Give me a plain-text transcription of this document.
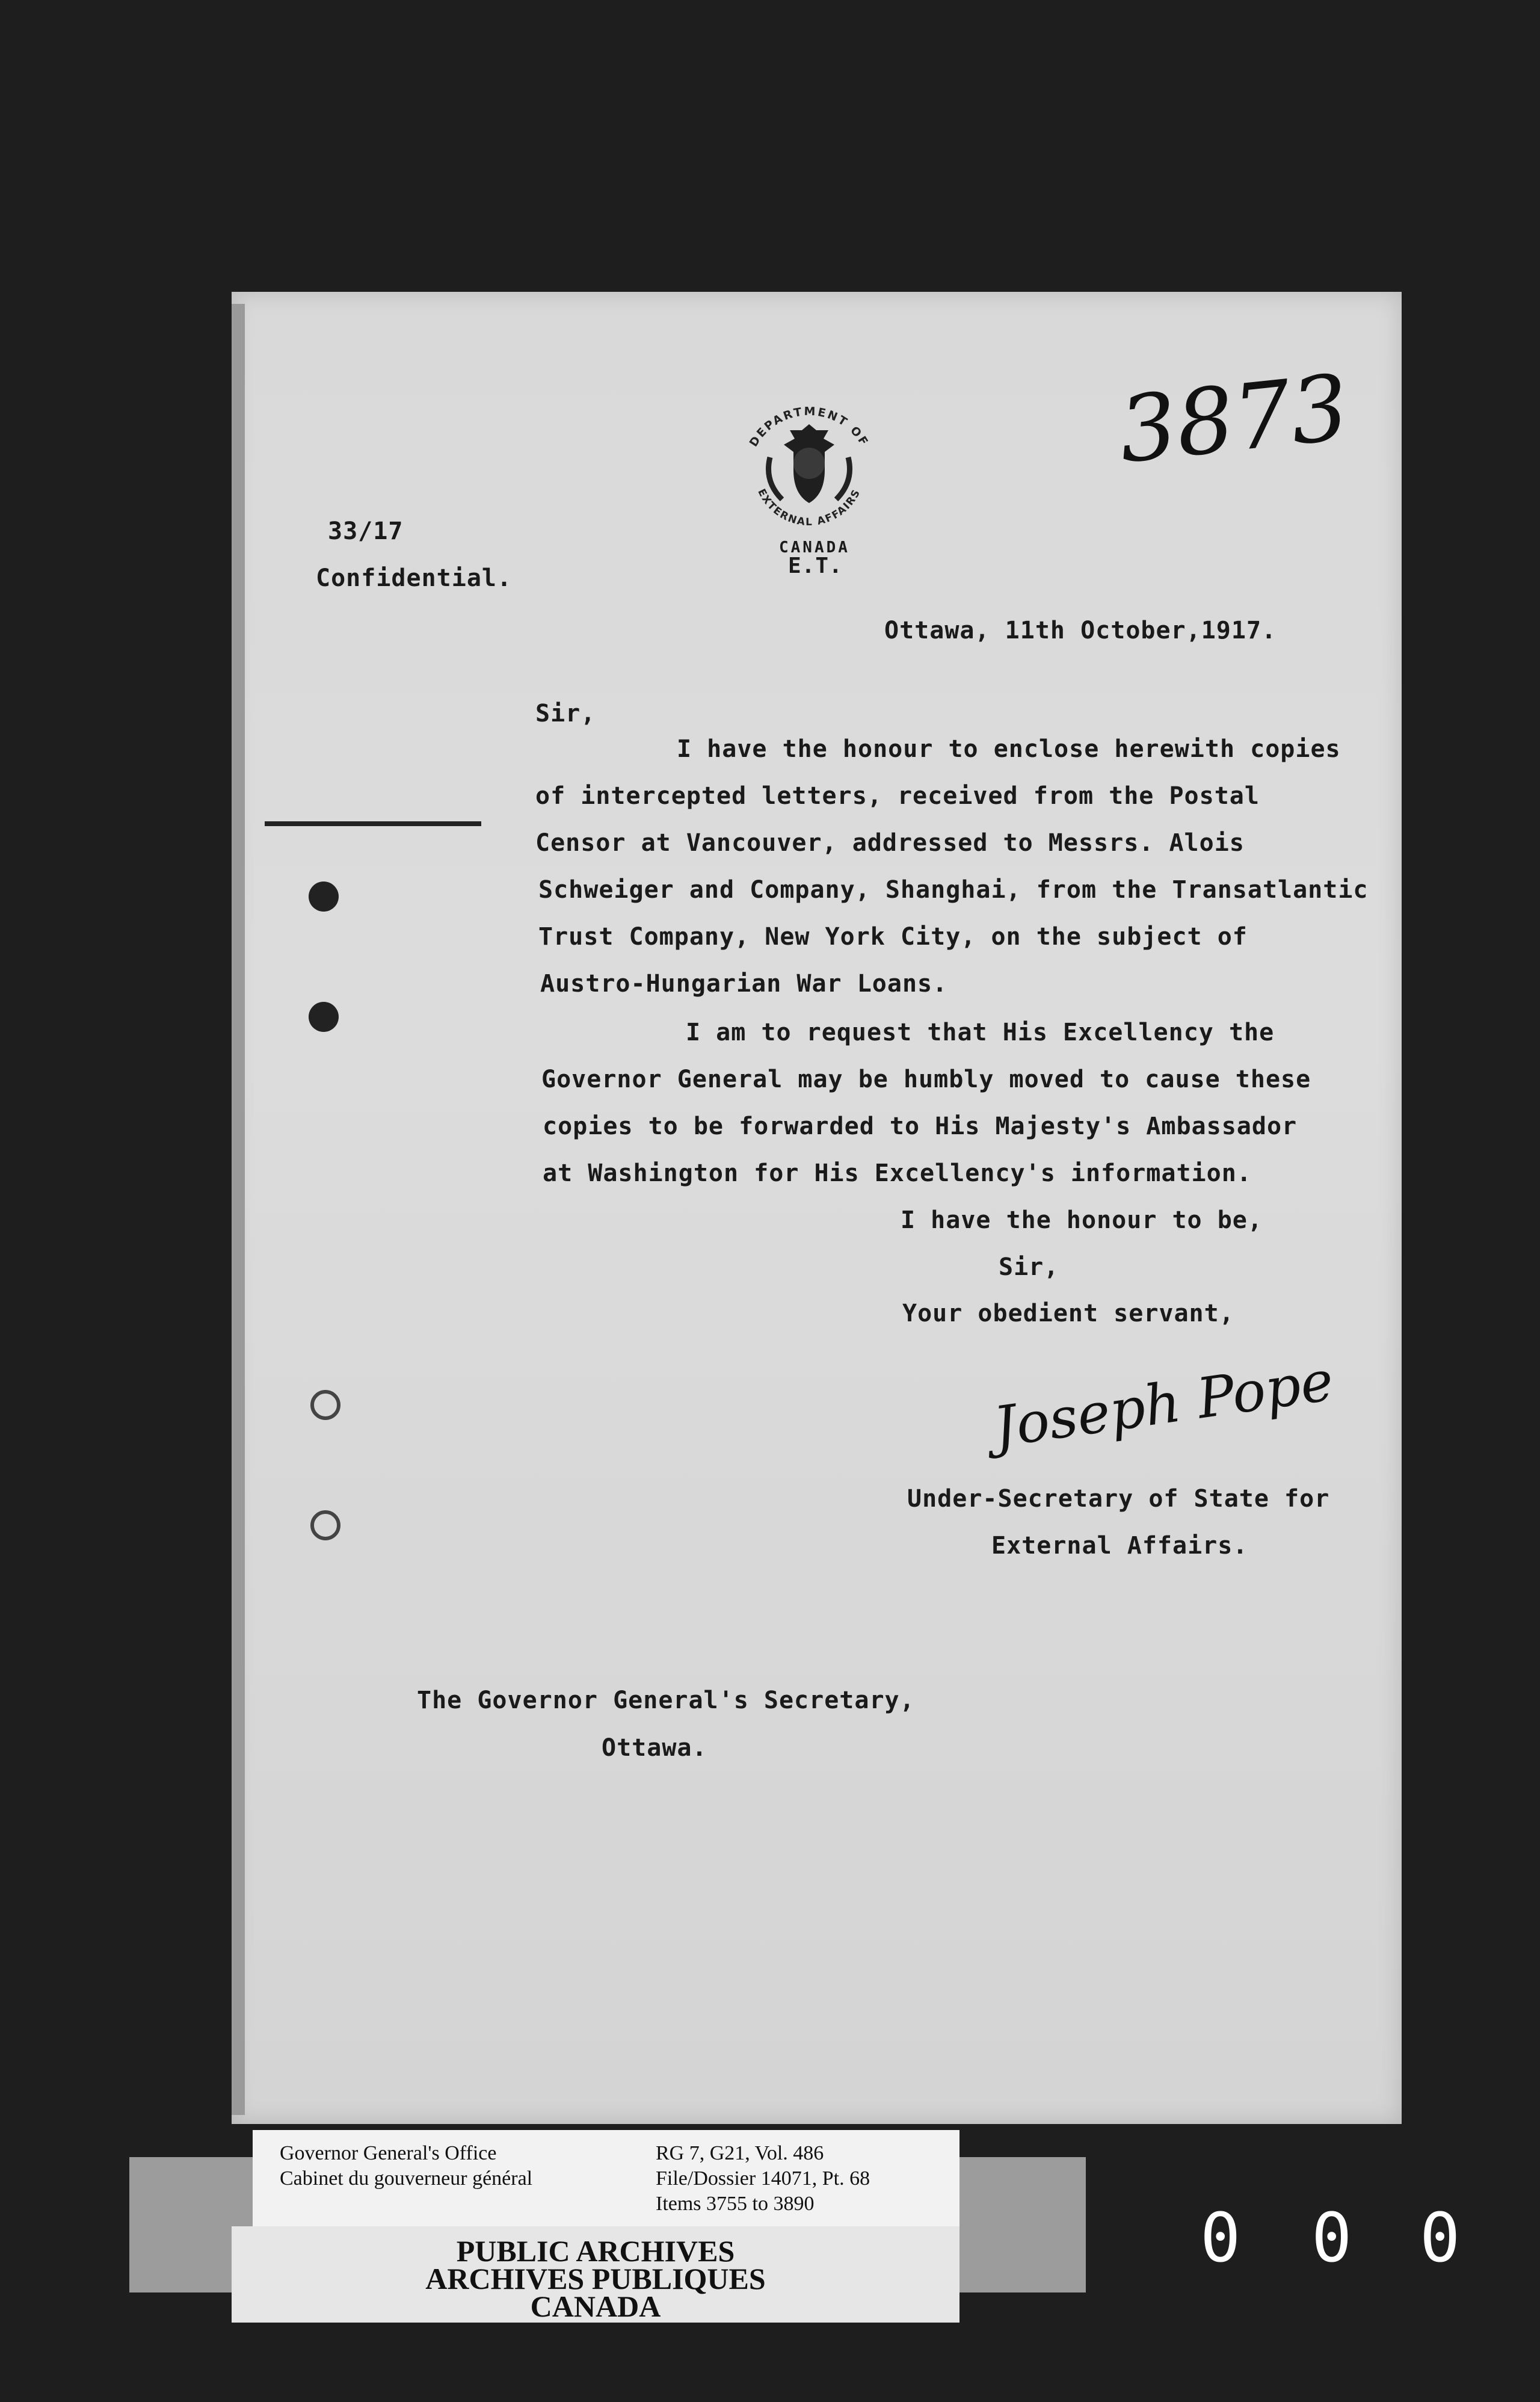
DEPARTMENT OF
EXTERNAL AFFAIRS
CANADA
E.T.
3873
33/17
Confidential.
Ottawa, 11th October,1917.
Sir,
I have the honour to enclose herewith copies
of intercepted letters, received from the Postal
Censor at Vancouver, addressed to Messrs. Alois
Schweiger and Company, Shanghai, from the Transatlantic
Trust Company, New York City, on the subject of
Austro-Hungarian War Loans.
I am to request that His Excellency the
Governor General may be humbly moved to cause these
copies to be forwarded to His Majesty's Ambassador
at Washington for His Excellency's information.
I have the honour to be,
Sir,
Your obedient servant,
Joseph Pope
Under-Secretary of State for
External Affairs.
The Governor General's Secretary,
Ottawa.
Governor General's Office
Cabinet du gouverneur général
RG 7, G21, Vol. 486
File/Dossier 14071, Pt. 68
Items 3755 to 3890
PUBLIC ARCHIVES
ARCHIVES PUBLIQUES
CANADA
0 0 0
